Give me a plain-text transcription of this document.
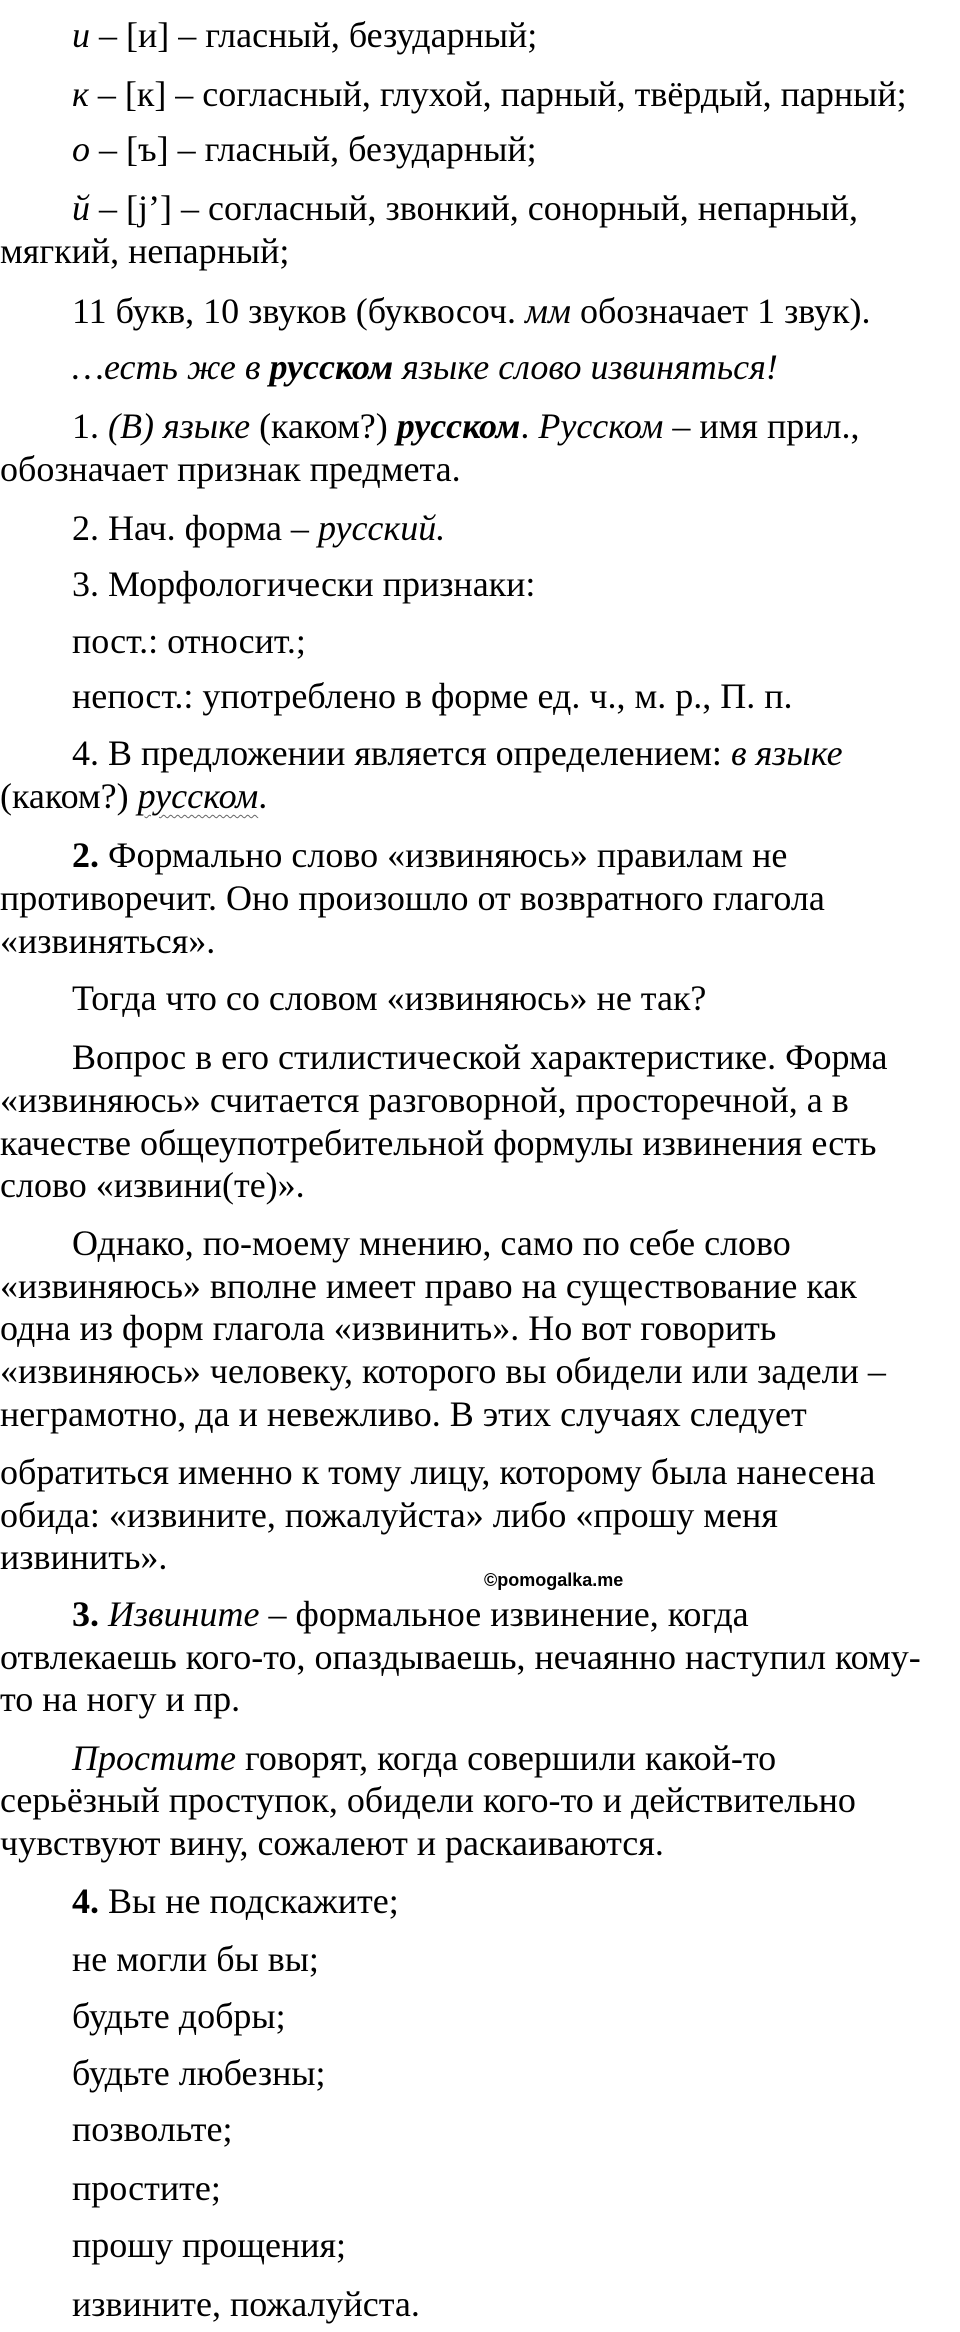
и – [и] – гласный, безударный;

к – [к] – согласный, глухой, парный, твёрдый, парный;

о – [ъ] – гласный, безударный;

й – [j’] – согласный, звонкий, сонорный, непарный,

мягкий, непарный;

11 букв, 10 звуков (буквосоч. мм обозначает 1 звук).

…есть же в русском языке слово извиняться!

1. (В) языке (каком?) русском. Русском – имя прил.,

обозначает признак предмета.

2. Нач. форма – русский.

3. Морфологически признаки:

пост.: относит.;

непост.: употреблено в форме ед. ч., м. р., П. п.

4. В предложении является определением: в языке

(каком?) русском.

2. Формально слово «извиняюсь» правилам не

противоречит. Оно произошло от возвратного глагола

«извиняться».

Тогда что со словом «извиняюсь» не так?

Вопрос в его стилистической характеристике. Форма

«извиняюсь» считается разговорной, просторечной, а в

качестве общеупотребительной формулы извинения есть

слово «извини(те)».

Однако, по-моему мнению, само по себе слово

«извиняюсь» вполне имеет право на существование как

одна из форм глагола «извинить». Но вот говорить

«извиняюсь» человеку, которого вы обидели или задели –

неграмотно, да и невежливо. В этих случаях следует

обратиться именно к тому лицу, которому была нанесена

обида: «извините, пожалуйста» либо «прошу меня

извинить».

©pomogalka.me

3. Извините – формальное извинение, когда

отвлекаешь кого-то, опаздываешь, нечаянно наступил кому-

то на ногу и пр.

Простите говорят, когда совершили какой-то

серьёзный проступок, обидели кого-то и действительно

чувствуют вину, сожалеют и раскаиваются.

4. Вы не подскажите;

не могли бы вы;

будьте добры;

будьте любезны;

позвольте;

простите;

прошу прощения;

извините, пожалуйста.
